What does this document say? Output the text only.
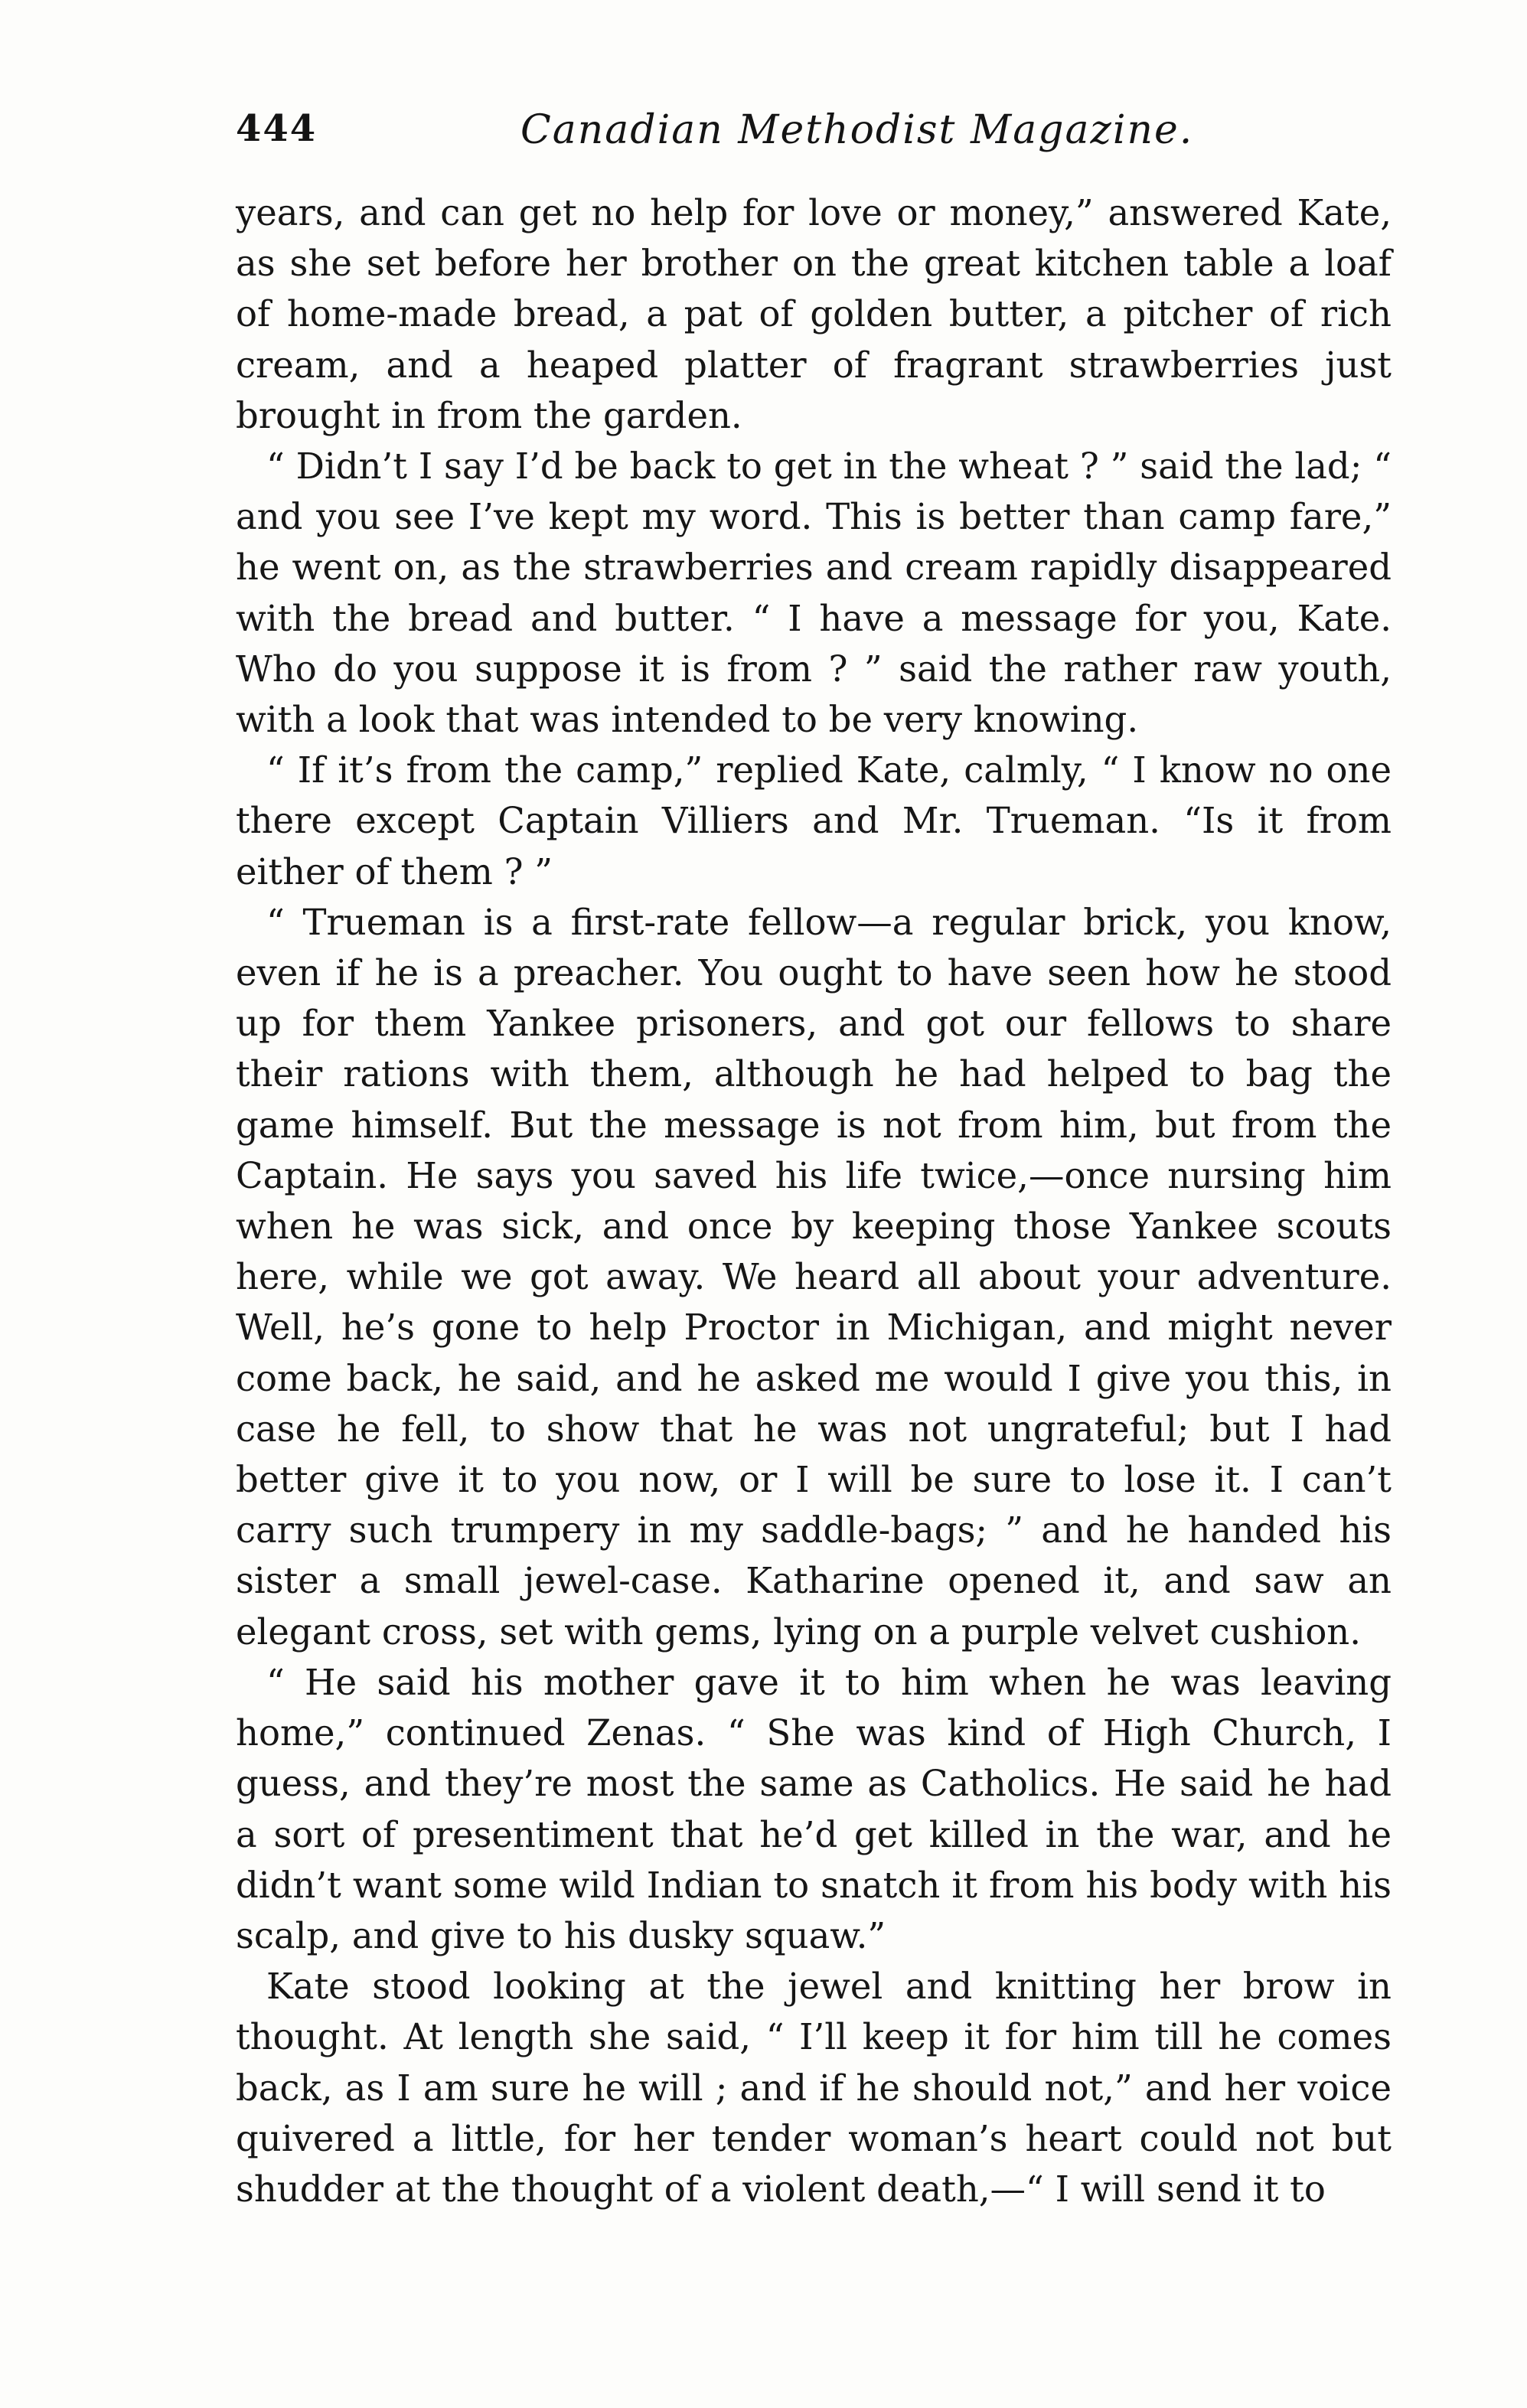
444	Canadian Methodist Magazine.

years, and can get no help for love or money,” answered Kate, as she set before her brother on the great kitchen table a loaf of home-made bread, a pat of golden butter, a pitcher of rich cream, and a heaped platter of fragrant strawberries just brought in from the garden.

“ Didn’t I say I’d be back to get in the wheat ? ” said the lad; “ and you see I’ve kept my word. This is better than camp fare,” he went on, as the strawberries and cream rapidly disappeared with the bread and butter. “ I have a message for you, Kate. Who do you suppose it is from ? ” said the rather raw youth, with a look that was intended to be very knowing.

“ If it’s from the camp,” replied Kate, calmly, “ I know no one there except Captain Villiers and Mr. Trueman. “Is it from either of them ? ”

“ Trueman is a first-rate fellow—a regular brick, you know, even if he is a preacher. You ought to have seen how he stood up for them Yankee prisoners, and got our fellows to share their rations with them, although he had helped to bag the game himself. But the message is not from him, but from the Captain. He says you saved his life twice,—once nursing him when he was sick, and once by keeping those Yankee scouts here, while we got away. We heard all about your adventure. Well, he’s gone to help Proctor in Michigan, and might never come back, he said, and he asked me would I give you this, in case he fell, to show that he was not ungrateful; but I had better give it to you now, or I will be sure to lose it. I can’t carry such trumpery in my saddle-bags; ” and he handed his sister a small jewel-case. Katharine opened it, and saw an elegant cross, set with gems, lying on a purple velvet cushion.

“ He said his mother gave it to him when he was leaving home,” continued Zenas. “ She was kind of High Church, I guess, and they’re most the same as Catholics. He said he had a sort of presentiment that he’d get killed in the war, and he didn’t want some wild Indian to snatch it from his body with his scalp, and give to his dusky squaw.”

Kate stood looking at the jewel and knitting her brow in thought. At length she said, “ I’ll keep it for him till he comes back, as I am sure he will ; and if he should not,” and her voice quivered a little, for her tender woman’s heart could not but shudder at the thought of a violent death,—“ I will send it to
